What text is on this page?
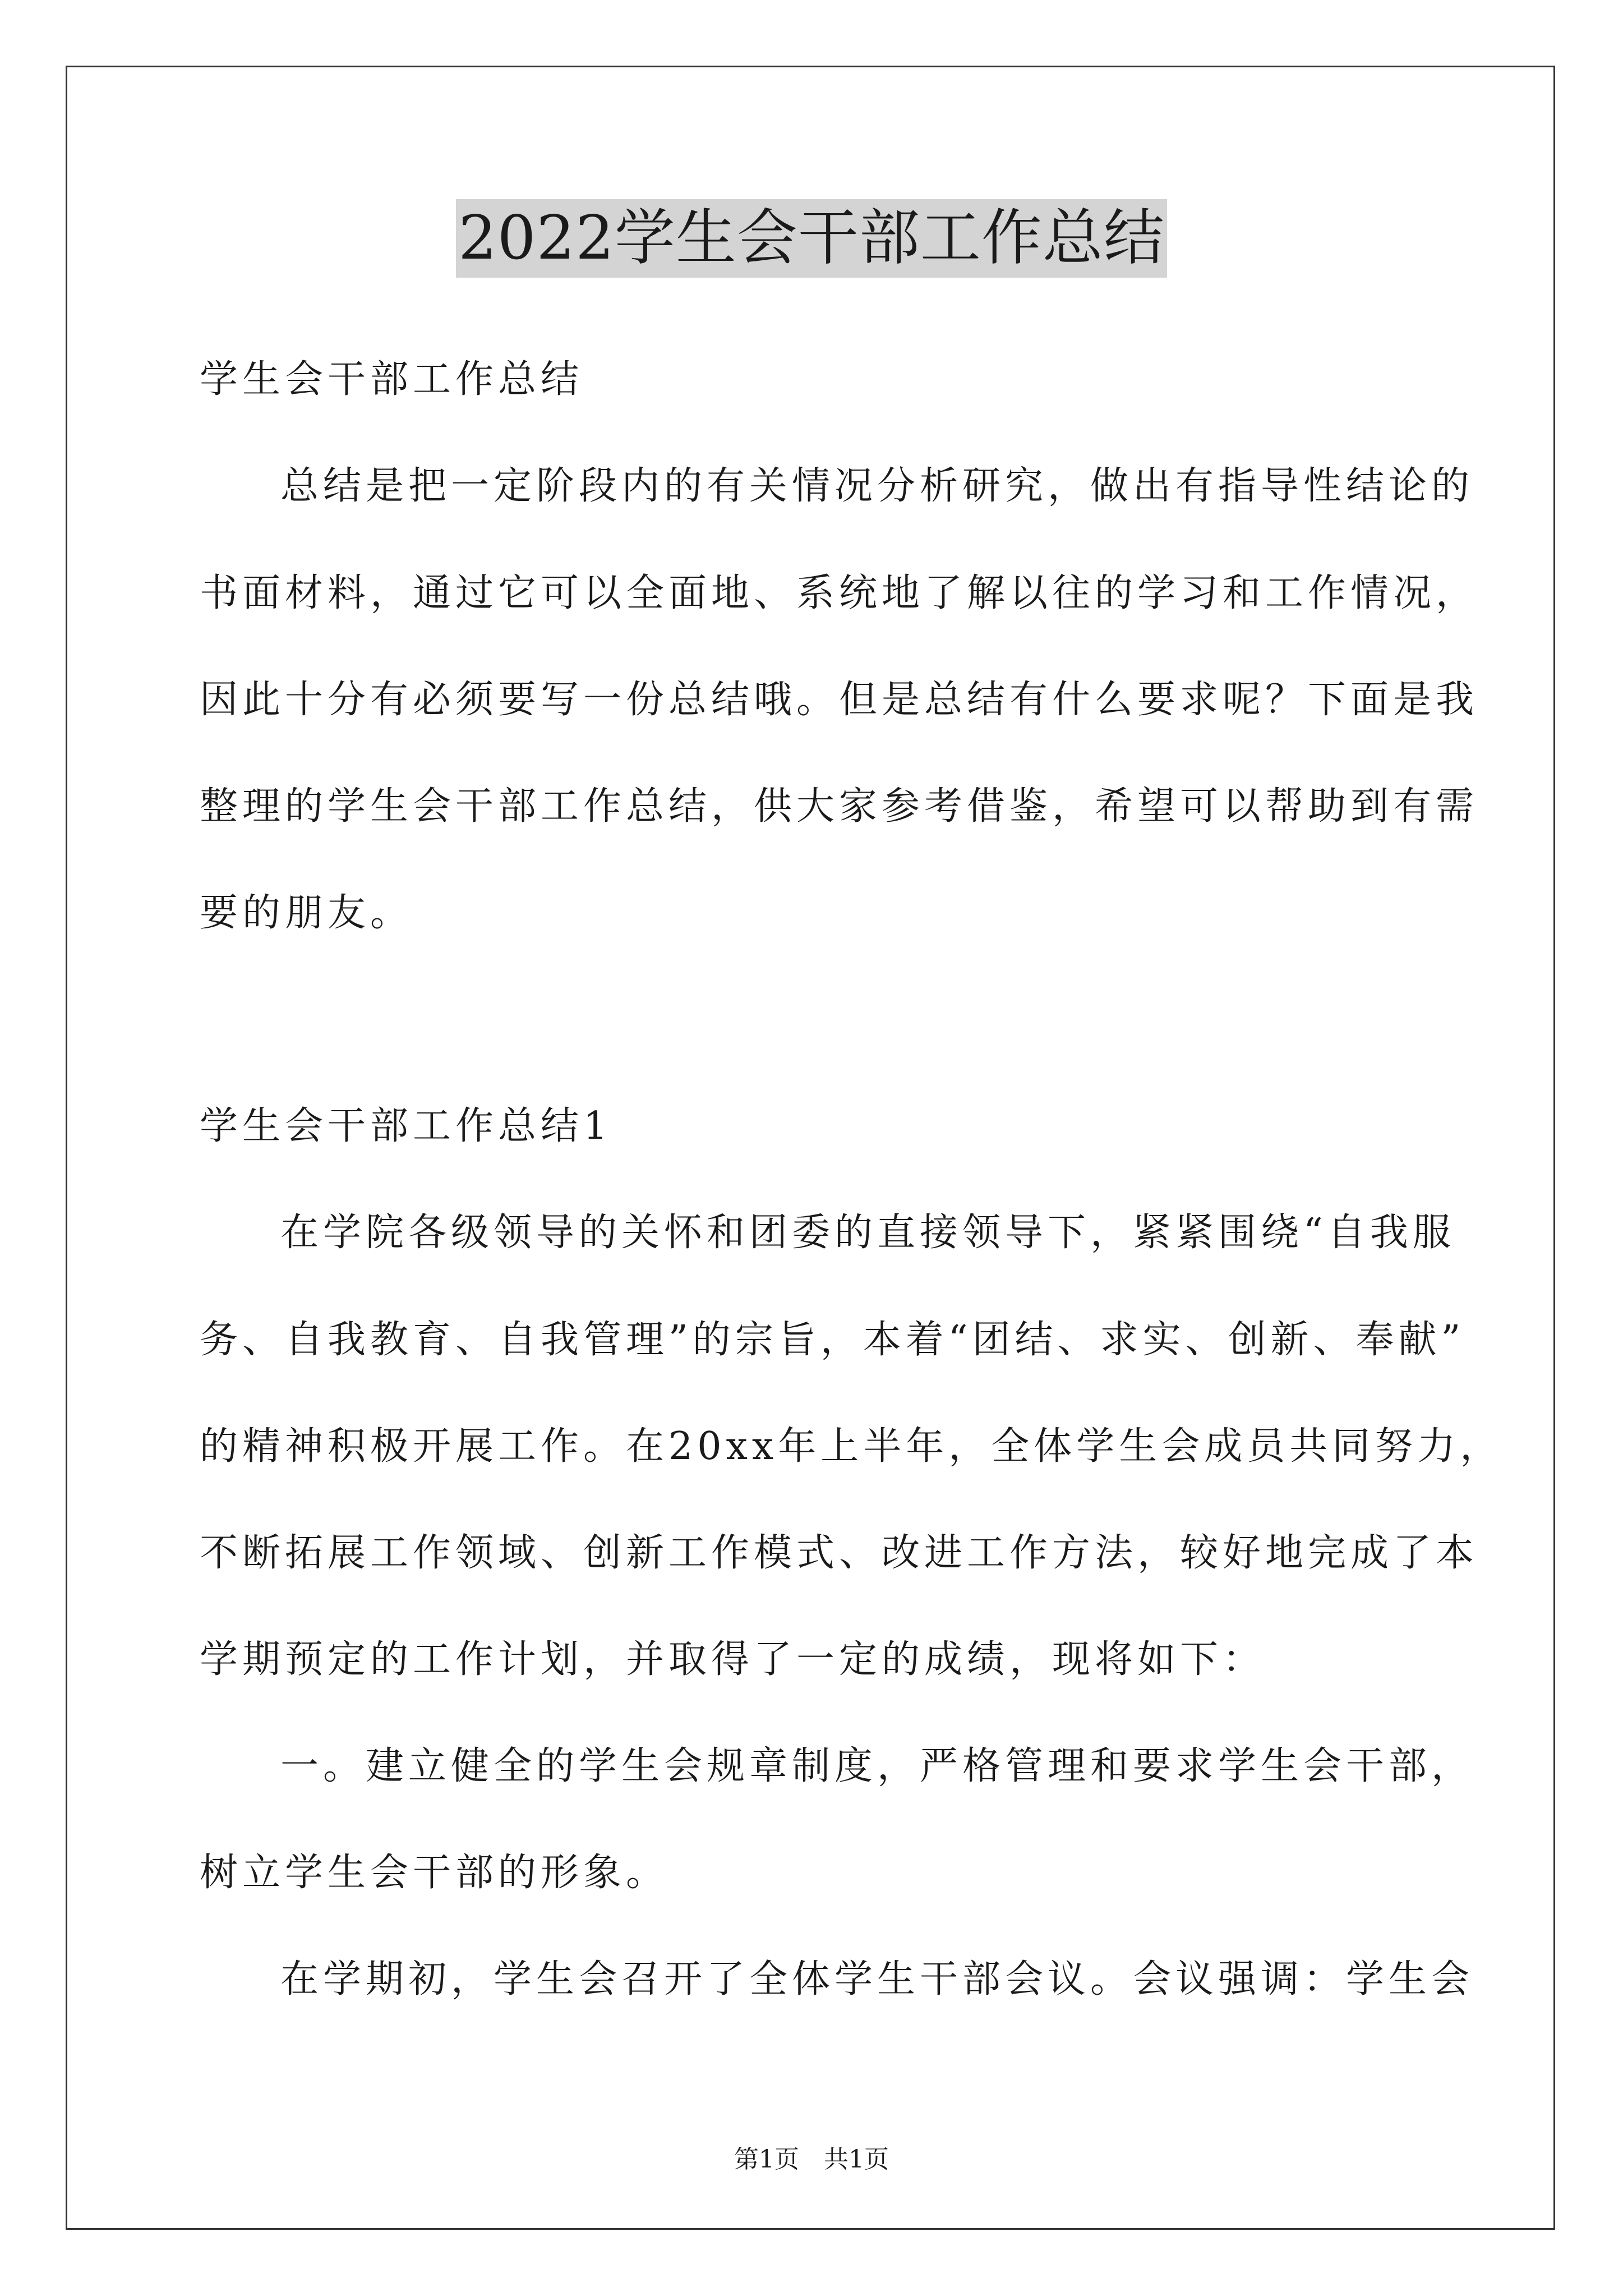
2022学生会干部工作总结

学生会干部工作总结

总结是把一定阶段内的有关情况分析研究，做出有指导性结论的

书面材料，通过它可以全面地、系统地了解以往的学习和工作情况，

因此十分有必须要写一份总结哦。但是总结有什么要求呢？下面是我

整理的学生会干部工作总结，供大家参考借鉴，希望可以帮助到有需

要的朋友。

学生会干部工作总结1

在学院各级领导的关怀和团委的直接领导下，紧紧围绕“自我服

务、自我教育、自我管理”的宗旨，本着“团结、求实、创新、奉献”

的精神积极开展工作。在20xx年上半年，全体学生会成员共同努力，

不断拓展工作领域、创新工作模式、改进工作方法，较好地完成了本

学期预定的工作计划，并取得了一定的成绩，现将如下：

一。建立健全的学生会规章制度，严格管理和要求学生会干部，

树立学生会干部的形象。

在学期初，学生会召开了全体学生干部会议。会议强调：学生会

第1页　共1页
